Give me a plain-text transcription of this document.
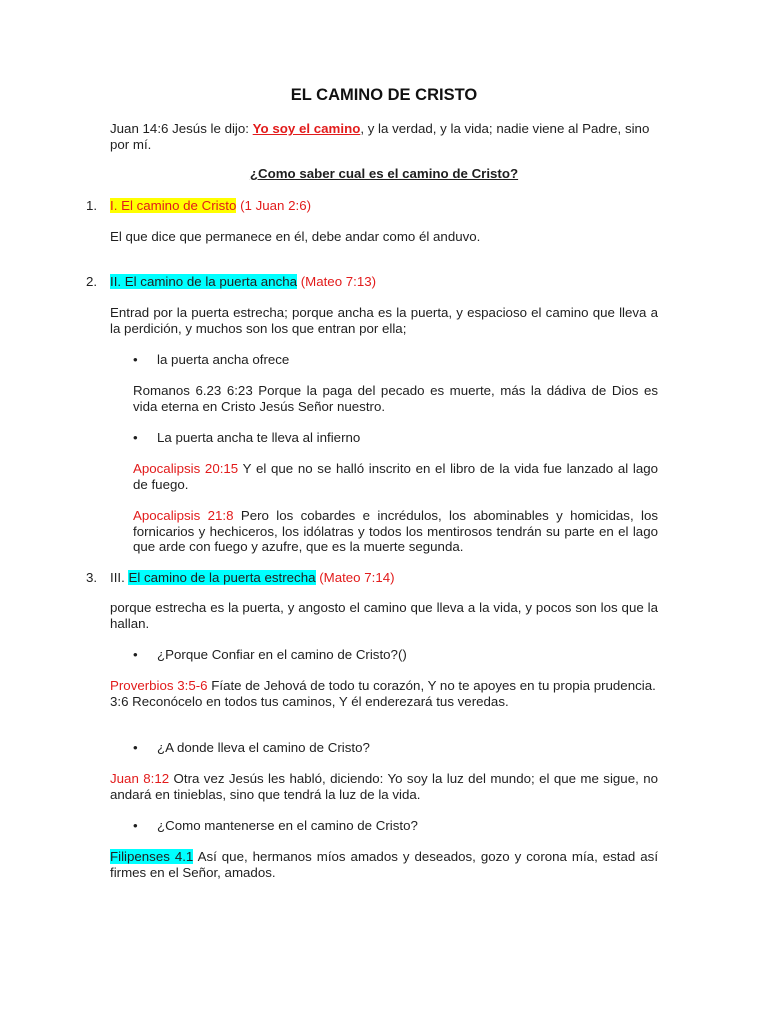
EL CAMINO DE CRISTO

Juan 14:6 Jesús le dijo: Yo soy el camino, y la verdad, y la vida; nadie viene al Padre, sino por mí.

¿Como saber cual es el camino de Cristo?
1. I. El camino de Cristo (1 Juan 2:6)

El que dice que permanece en él, debe andar como él anduvo.

2. II. El camino de la puerta ancha (Mateo 7:13)

Entrad por la puerta estrecha; porque ancha es la puerta, y espacioso el camino que lleva a la perdición, y muchos son los que entran por ella;

• la puerta ancha ofrece

Romanos 6.23 6:23 Porque la paga del pecado es muerte, más la dádiva de Dios es vida eterna en Cristo Jesús Señor nuestro.

• La puerta ancha te lleva al infierno

Apocalipsis 20:15 Y el que no se halló inscrito en el libro de la vida fue lanzado al lago de fuego.

Apocalipsis 21:8 Pero los cobardes e incrédulos, los abominables y homicidas, los fornicarios y hechiceros, los idólatras y todos los mentirosos tendrán su parte en el lago que arde con fuego y azufre, que es la muerte segunda.

3. III. El camino de la puerta estrecha (Mateo 7:14)

porque estrecha es la puerta, y angosto el camino que lleva a la vida, y pocos son los que la hallan.

• ¿Porque Confiar en el camino de Cristo?()

Proverbios 3:5-6 Fíate de Jehová de todo tu corazón, Y no te apoyes en tu propia prudencia.
3:6 Reconócelo en todos tus caminos, Y él enderezará tus veredas.

• ¿A donde lleva el camino de Cristo?

Juan 8:12 Otra vez Jesús les habló, diciendo: Yo soy la luz del mundo; el que me sigue, no andará en tinieblas, sino que tendrá la luz de la vida.

• ¿Como mantenerse en el camino de Cristo?

Filipenses 4.1 Así que, hermanos míos amados y deseados, gozo y corona mía, estad así firmes en el Señor, amados.
